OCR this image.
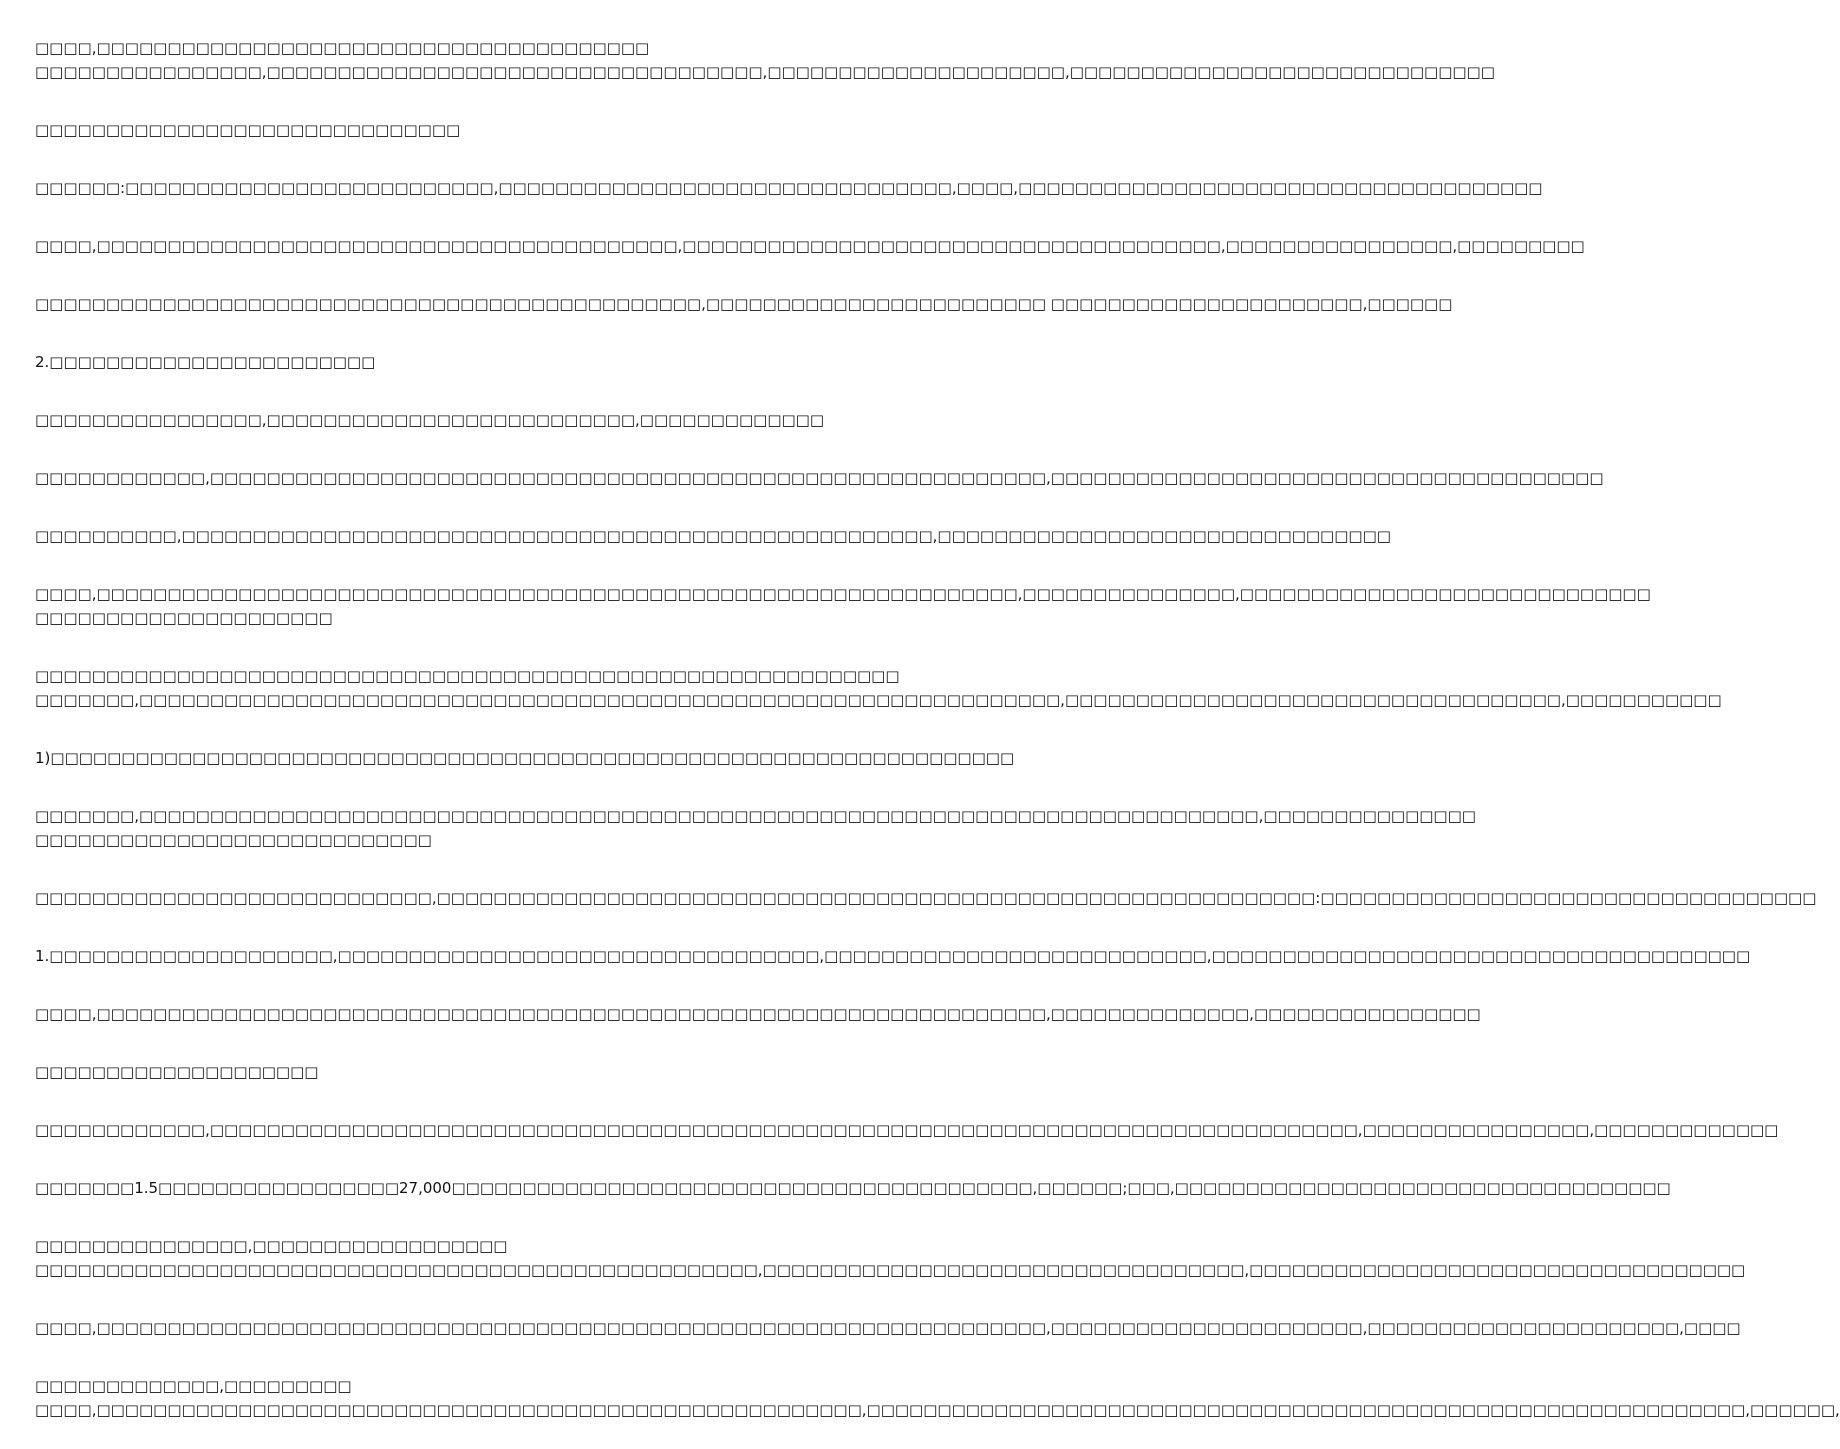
□□□□,□□□□□□□□□□□□□□□□□□□□□□□□□□□□□□□□□□□□□□□
□□□□□□□□□□□□□□□□,□□□□□□□□□□□□□□□□□□□□□□□□□□□□□□□□□□□,□□□□□□□□□□□□□□□□□□□□□,□□□□□□□□□□□□□□□□□□□□□□□□□□□□□□
□□□□□□□□□□□□□□□□□□□□□□□□□□□□□□
□□□□□□:□□□□□□□□□□□□□□□□□□□□□□□□□□,□□□□□□□□□□□□□□□□□□□□□□□□□□□□□□□□,□□□□,□□□□□□□□□□□□□□□□□□□□□□□□□□□□□□□□□□□□□
□□□□,□□□□□□□□□□□□□□□□□□□□□□□□□□□□□□□□□□□□□□□□□,□□□□□□□□□□□□□□□□□□□□□□□□□□□□□□□□□□□□□□,□□□□□□□□□□□□□□□□,□□□□□□□□□
□□□□□□□□□□□□□□□□□□□□□□□□□□□□□□□□□□□□□□□□□□□□□□□,□□□□□□□□□□□□□□□□□□□□□□□□ □□□□□□□□□□□□□□□□□□□□□□,□□□□□□
2.□□□□□□□□□□□□□□□□□□□□□□□
□□□□□□□□□□□□□□□□,□□□□□□□□□□□□□□□□□□□□□□□□□□,□□□□□□□□□□□□□
□□□□□□□□□□□□,□□□□□□□□□□□□□□□□□□□□□□□□□□□□□□□□□□□□□□□□□□□□□□□□□□□□□□□□□□□,□□□□□□□□□□□□□□□□□□□□□□□□□□□□□□□□□□□□□□□
□□□□□□□□□□,□□□□□□□□□□□□□□□□□□□□□□□□□□□□□□□□□□□□□□□□□□□□□□□□□□□□□,□□□□□□□□□□□□□□□□□□□□□□□□□□□□□□□□
□□□□,□□□□□□□□□□□□□□□□□□□□□□□□□□□□□□□□□□□□□□□□□□□□□□□□□□□□□□□□□□□□□□□□□,□□□□□□□□□□□□□□□,□□□□□□□□□□□□□□□□□□□□□□□□□□□□□
□□□□□□□□□□□□□□□□□□□□□
□□□□□□□□□□□□□□□□□□□□□□□□□□□□□□□□□□□□□□□□□□□□□□□□□□□□□□□□□□□□□
□□□□□□□,□□□□□□□□□□□□□□□□□□□□□□□□□□□□□□□□□□□□□□□□□□□□□□□□□□□□□□□□□□□□□□□□□,□□□□□□□□□□□□□□□□□□□□□□□□□□□□□□□□□□□,□□□□□□□□□□□
1)□□□□□□□□□□□□□□□□□□□□□□□□□□□□□□□□□□□□□□□□□□□□□□□□□□□□□□□□□□□□□□□□□□□□
□□□□□□□,□□□□□□□□□□□□□□□□□□□□□□□□□□□□□□□□□□□□□□□□□□□□□□□□□□□□□□□□□□□□□□□□□□□□□□□□□□□□□□□,□□□□□□□□□□□□□□□
□□□□□□□□□□□□□□□□□□□□□□□□□□□□
□□□□□□□□□□□□□□□□□□□□□□□□□□□□,□□□□□□□□□□□□□□□□□□□□□□□□□□□□□□□□□□□□□□□□□□□□□□□□□□□□□□□□□□□□□□:□□□□□□□□□□□□□□□□□□□□□□□□□□□□□□□□□□□
1.□□□□□□□□□□□□□□□□□□□□,□□□□□□□□□□□□□□□□□□□□□□□□□□□□□□□□□□,□□□□□□□□□□□□□□□□□□□□□□□□□□□,□□□□□□□□□□□□□□□□□□□□□□□□□□□□□□□□□□□□□□
□□□□,□□□□□□□□□□□□□□□□□□□□□□□□□□□□□□□□□□□□□□□□□□□□□□□□□□□□□□□□□□□□□□□□□□□,□□□□□□□□□□□□□□,□□□□□□□□□□□□□□□□
□□□□□□□□□□□□□□□□□□□□
□□□□□□□□□□□□,□□□□□□□□□□□□□□□□□□□□□□□□□□□□□□□□□□□□□□□□□□□□□□□□□□□□□□□□□□□□□□□□□□□□□□□□□□□□□□□□□,□□□□□□□□□□□□□□□□,□□□□□□□□□□□□□
□□□□□□□1.5□□□□□□□□□□□□□□□□□27,000□□□□□□□□□□□□□□□□□□□□□□□□□□□□□□□□□□□□□□□□□,□□□□□□;□□□,□□□□□□□□□□□□□□□□□□□□□□□□□□□□□□□□□□□
□□□□□□□□□□□□□□□,□□□□□□□□□□□□□□□□□□
□□□□□□□□□□□□□□□□□□□□□□□□□□□□□□□□□□□□□□□□□□□□□□□□□□□,□□□□□□□□□□□□□□□□□□□□□□□□□□□□□□□□□□,□□□□□□□□□□□□□□□□□□□□□□□□□□□□□□□□□□□
□□□□,□□□□□□□□□□□□□□□□□□□□□□□□□□□□□□□□□□□□□□□□□□□□□□□□□□□□□□□□□□□□□□□□□□□,□□□□□□□□□□□□□□□□□□□□□□,□□□□□□□□□□□□□□□□□□□□□□,□□□□
□□□□□□□□□□□□□,□□□□□□□□□
□□□□,□□□□□□□□□□□□□□□□□□□□□□□□□□□□□□□□□□□□□□□□□□□□□□□□□□□□□□,□□□□□□□□□□□□□□□□□□□□□□□□□□□□□□□□□□□□□□□□□□□□□□□□□□□□□□□□□□□□□□,□□□□□□,
